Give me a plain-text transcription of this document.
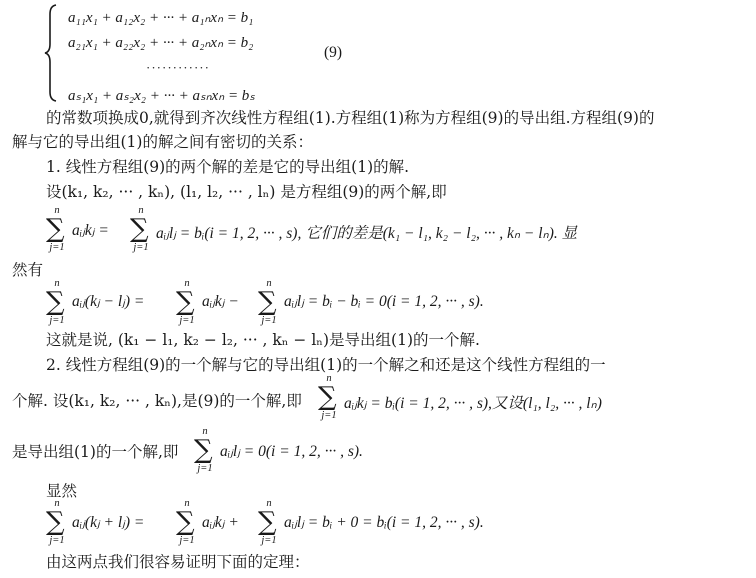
a₁₁x₁ + a₁₂x₂ + ··· + a₁ₙxₙ = b₁
a₂₁x₁ + a₂₂x₂ + ··· + a₂ₙxₙ = b₂
············
aₛ₁x₁ + aₛ₂x₂ + ··· + aₛₙxₙ = bₛ
(9)
的常数项换成0,就得到齐次线性方程组(1).方程组(1)称为方程组(9)的导出组.方程组(9)的
解与它的导出组(1)的解之间有密切的关系：
1. 线性方程组(9)的两个解的差是它的导出组(1)的解.
设(k₁, k₂, ··· , kₙ), (l₁, l₂, ··· , lₙ) 是方程组(9)的两个解,即
n
∑
j=1
aᵢⱼkⱼ =
n
∑
j=1
aᵢⱼlⱼ = bᵢ(i = 1, 2, ··· , s), 它们的差是(k₁ − l₁, k₂ − l₂, ··· , kₙ − lₙ). 显
然有
n
∑
j=1
aᵢⱼ(kⱼ − lⱼ) =
n
∑
j=1
aᵢⱼkⱼ −
n
∑
j=1
aᵢⱼlⱼ = bᵢ − bᵢ = 0(i = 1, 2, ··· , s).
这就是说, (k₁ − l₁, k₂ − l₂, ··· , kₙ − lₙ)是导出组(1)的一个解.
2. 线性方程组(9)的一个解与它的导出组(1)的一个解之和还是这个线性方程组的一
个解. 设(k₁, k₂, ··· , kₙ),是(9)的一个解,即
n
∑
j=1
aᵢⱼkⱼ = bᵢ(i = 1, 2, ··· , s),又设(l₁, l₂, ··· , lₙ)
是导出组(1)的一个解,即
n
∑
j=1
aᵢⱼlⱼ = 0(i = 1, 2, ··· , s).
显然
n
∑
j=1
aᵢⱼ(kⱼ + lⱼ) =
n
∑
j=1
aᵢⱼkⱼ +
n
∑
j=1
aᵢⱼlⱼ = bᵢ + 0 = bᵢ(i = 1, 2, ··· , s).
由这两点我们很容易证明下面的定理：
